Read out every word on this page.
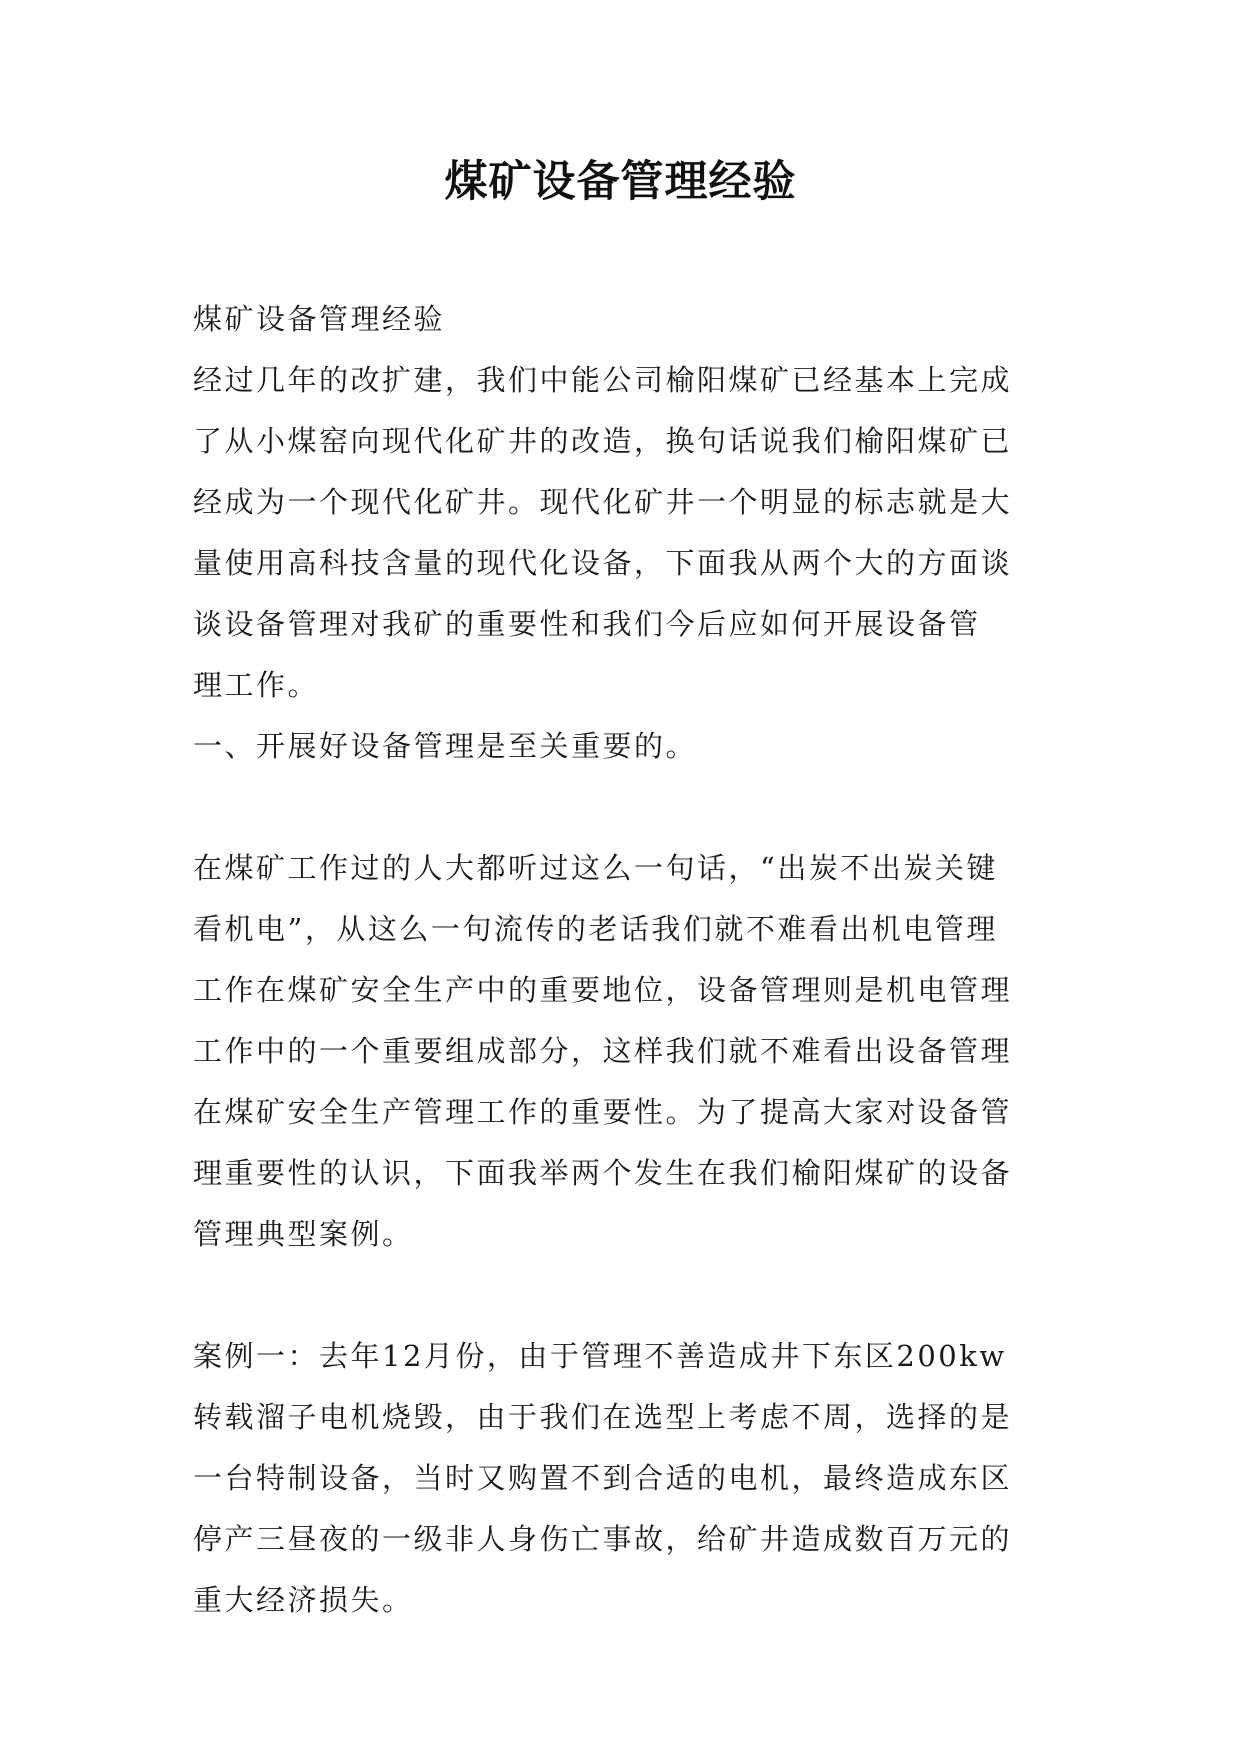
煤矿设备管理经验
煤矿设备管理经验
经过几年的改扩建，我们中能公司榆阳煤矿已经基本上完成
了从小煤窑向现代化矿井的改造，换句话说我们榆阳煤矿已
经成为一个现代化矿井。现代化矿井一个明显的标志就是大
量使用高科技含量的现代化设备，下面我从两个大的方面谈
谈设备管理对我矿的重要性和我们今后应如何开展设备管
理工作。
一、开展好设备管理是至关重要的。
在煤矿工作过的人大都听过这么一句话，“出炭不出炭关键
看机电”，从这么一句流传的老话我们就不难看出机电管理
工作在煤矿安全生产中的重要地位，设备管理则是机电管理
工作中的一个重要组成部分，这样我们就不难看出设备管理
在煤矿安全生产管理工作的重要性。为了提高大家对设备管
理重要性的认识，下面我举两个发生在我们榆阳煤矿的设备
管理典型案例。
案例一：去年12月份，由于管理不善造成井下东区200kw
转载溜子电机烧毁，由于我们在选型上考虑不周，选择的是
一台特制设备，当时又购置不到合适的电机，最终造成东区
停产三昼夜的一级非人身伤亡事故，给矿井造成数百万元的
重大经济损失。
